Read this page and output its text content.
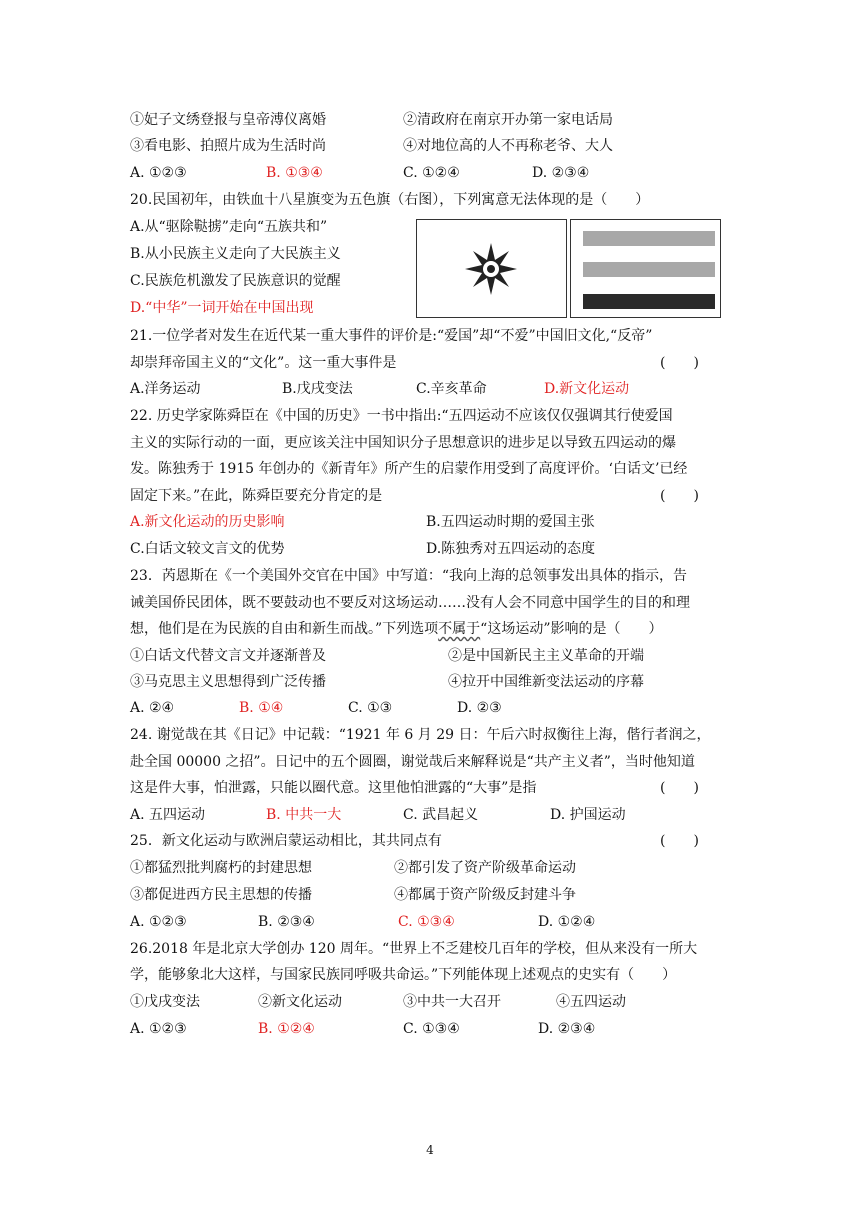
①妃子文绣登报与皇帝溥仪离婚	②清政府在南京开办第一家电话局
③看电影、拍照片成为生活时尚	④对地位高的人不再称老爷、大人
A. ①②③	B. ①③④	C. ①②④	D. ②③④
20.民国初年，由铁血十八星旗变为五色旗（右图），下列寓意无法体现的是（　　）
A.从“驱除鞑掳”走向“五族共和”
B.从小民族主义走向了大民族主义
C.民族危机激发了民族意识的觉醒
D.“中华”一词开始在中国出现
21.一位学者对发生在近代某一重大事件的评价是:“爱国”却“不爱”中国旧文化,“反帝”
却崇拜帝国主义的“文化”。这一重大事件是	(　　)
A.洋务运动	B.戊戌变法	C.辛亥革命	D.新文化运动
22. 历史学家陈舜臣在《中国的历史》一书中指出:“五四运动不应该仅仅强调其行使爱国
主义的实际行动的一面，更应该关注中国知识分子思想意识的进步足以导致五四运动的爆
发。陈独秀于 1915 年创办的《新青年》所产生的启蒙作用受到了高度评价。‘白话文’已经
固定下来。”在此，陈舜臣要充分肯定的是	(　　)
A.新文化运动的历史影响	B.五四运动时期的爱国主张
C.白话文较文言文的优势	D.陈独秀对五四运动的态度
23．芮恩斯在《一个美国外交官在中国》中写道：“我向上海的总领事发出具体的指示，告
诫美国侨民团体，既不要鼓动也不要反对这场运动……没有人会不同意中国学生的目的和理
想，他们是在为民族的自由和新生而战。”下列选项不属于“这场运动”影响的是（　　）
①白话文代替文言文并逐渐普及	②是中国新民主主义革命的开端
③马克思主义思想得到广泛传播	④拉开中国维新变法运动的序幕
A. ②④	B. ①④	C. ①③	D. ②③
24. 谢觉哉在其《日记》中记载：“1921 年 6 月 29 日：午后六时叔衡往上海，偕行者润之，
赴全国 00000 之招”。日记中的五个圆圈，谢觉哉后来解释说是“共产主义者”，当时他知道
这是件大事，怕泄露，只能以圈代意。这里他怕泄露的“大事”是指	(　　)
A. 五四运动	B. 中共一大	C. 武昌起义	D. 护国运动
25．新文化运动与欧洲启蒙运动相比，其共同点有	(　　)
①都猛烈批判腐朽的封建思想	②都引发了资产阶级革命运动
③都促进西方民主思想的传播	④都属于资产阶级反封建斗争
A. ①②③	B. ②③④	C. ①③④	D. ①②④
26.2018 年是北京大学创办 120 周年。“世界上不乏建校几百年的学校，但从来没有一所大
学，能够象北大这样，与国家民族同呼吸共命运。”下列能体现上述观点的史实有（　　）
①戊戌变法	②新文化运动	③中共一大召开	④五四运动
A. ①②③	B. ①②④	C. ①③④	D. ②③④
4
